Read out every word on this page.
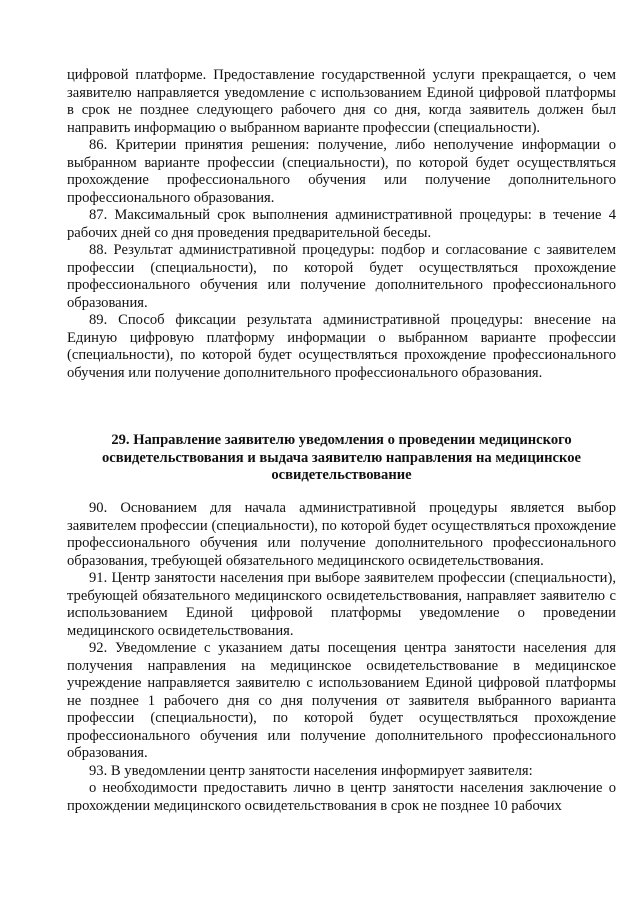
цифровой платформе. Предоставление государственной услуги прекращается, о чем заявителю направляется уведомление с использованием Единой цифровой платформы в срок не позднее следующего рабочего дня со дня, когда заявитель должен был направить информацию о выбранном варианте профессии (специальности).

86. Критерии принятия решения: получение, либо неполучение информации о выбранном варианте профессии (специальности), по которой будет осуществляться прохождение профессионального обучения или получение дополнительного профессионального образования.

87. Максимальный срок выполнения административной процедуры: в течение 4 рабочих дней со дня проведения предварительной беседы.

88. Результат административной процедуры: подбор и согласование с заявителем профессии (специальности), по которой будет осуществляться прохождение профессионального обучения или получение дополнительного профессионального образования.

89. Способ фиксации результата административной процедуры: внесение на Единую цифровую платформу информации о выбранном варианте профессии (специальности), по которой будет осуществляться прохождение профессионального обучения или получение дополнительного профессионального образования.

29. Направление заявителю уведомления о проведении медицинского освидетельствования и выдача заявителю направления на медицинское освидетельствование

90. Основанием для начала административной процедуры является выбор заявителем профессии (специальности), по которой будет осуществляться прохождение профессионального обучения или получение дополнительного профессионального образования, требующей обязательного медицинского освидетельствования.

91. Центр занятости населения при выборе заявителем профессии (специальности), требующей обязательного медицинского освидетельствования, направляет заявителю с использованием Единой цифровой платформы уведомление о проведении медицинского освидетельствования.

92. Уведомление с указанием даты посещения центра занятости населения для получения направления на медицинское освидетельствование в медицинское учреждение направляется заявителю с использованием Единой цифровой платформы не позднее 1 рабочего дня со дня получения от заявителя выбранного варианта профессии (специальности), по которой будет осуществляться прохождение профессионального обучения или получение дополнительного профессионального образования.

93. В уведомлении центр занятости населения информирует заявителя:

о необходимости предоставить лично в центр занятости населения заключение о прохождении медицинского освидетельствования в срок не позднее 10 рабочих
